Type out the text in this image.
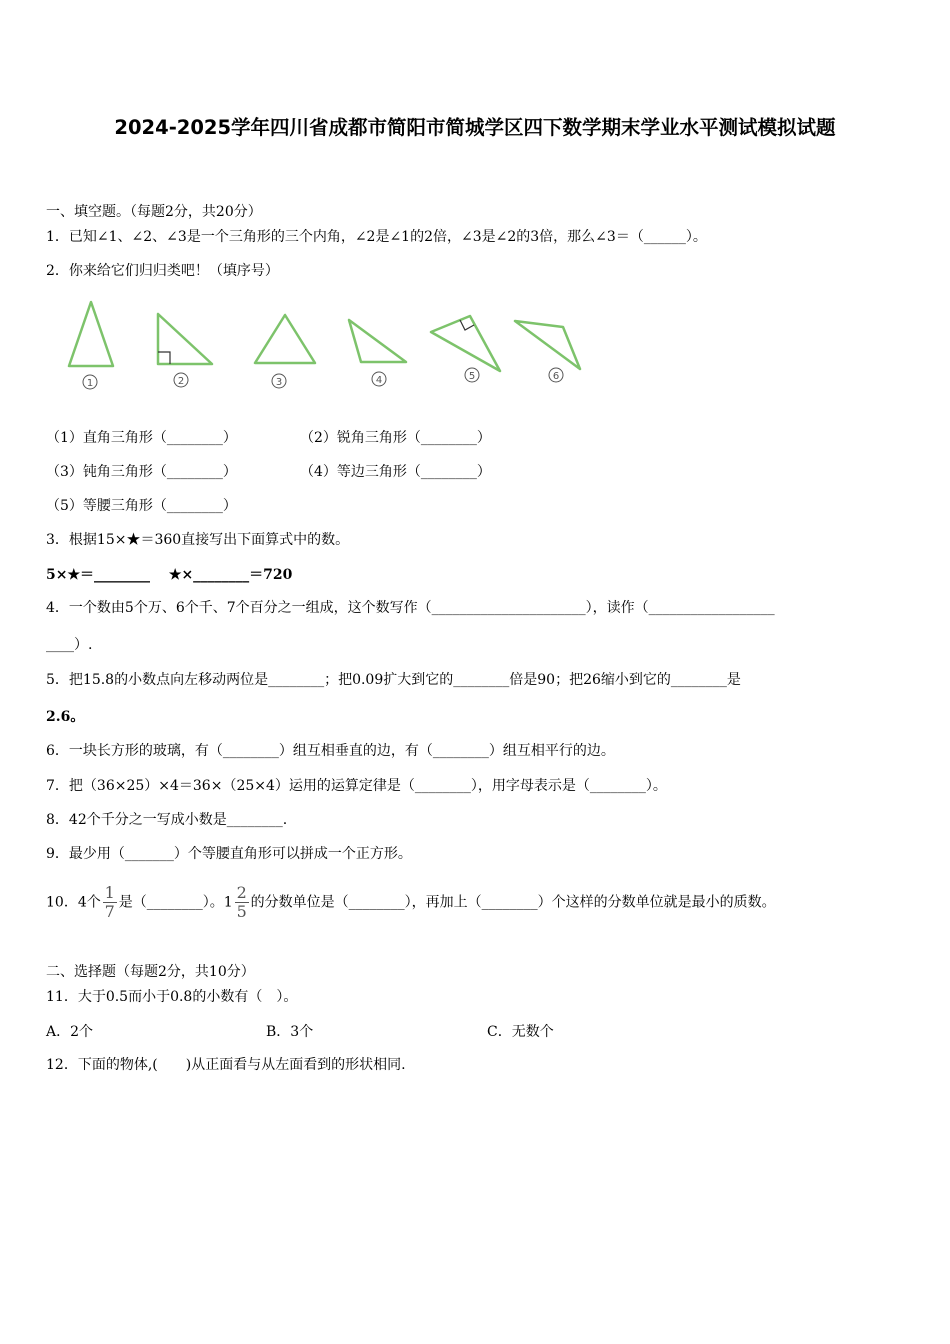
2024-2025学年四川省成都市简阳市简城学区四下数学期末学业水平测试模拟试题
一、填空题。（每题2分，共20分）
1．已知∠1、∠2、∠3是一个三角形的三个内角，∠2是∠1的2倍，∠3是∠2的3倍，那么∠3＝（______）。
2．你来给它们归归类吧！（填序号）
1	2	3	4	5	6
（1）直角三角形（________）	（2）锐角三角形（________）
（3）钝角三角形（________）	（4）等边三角形（________）
（5）等腰三角形（________）
3．根据15×★＝360直接写出下面算式中的数。
5×★＝________　 ★×________＝720
4．一个数由5个万、6个千、7个百分之一组成，这个数写作（______________________），读作（__________________
____）.
5．把15.8的小数点向左移动两位是________；把0.09扩大到它的________倍是90；把26缩小到它的________是
2.6。
6．一块长方形的玻璃，有（________）组互相垂直的边，有（________）组互相平行的边。
7．把（36×25）×4＝36×（25×4）运用的运算定律是（________），用字母表示是（________）。
8．42个千分之一写成小数是________.
9．最少用（_______）个等腰直角形可以拼成一个正方形。
10．4个 $\frac{1}{7}$ 是（________）。$1 \frac{2}{5}$ 的分数单位是（________），再加上（________）个这样的分数单位就是最小的质数。
二、选择题（每题2分，共10分）
11．大于0.5而小于0.8的小数有（　）。
A．2个	B．3个	C．无数个
12．下面的物体,(　　)从正面看与从左面看到的形状相同.
